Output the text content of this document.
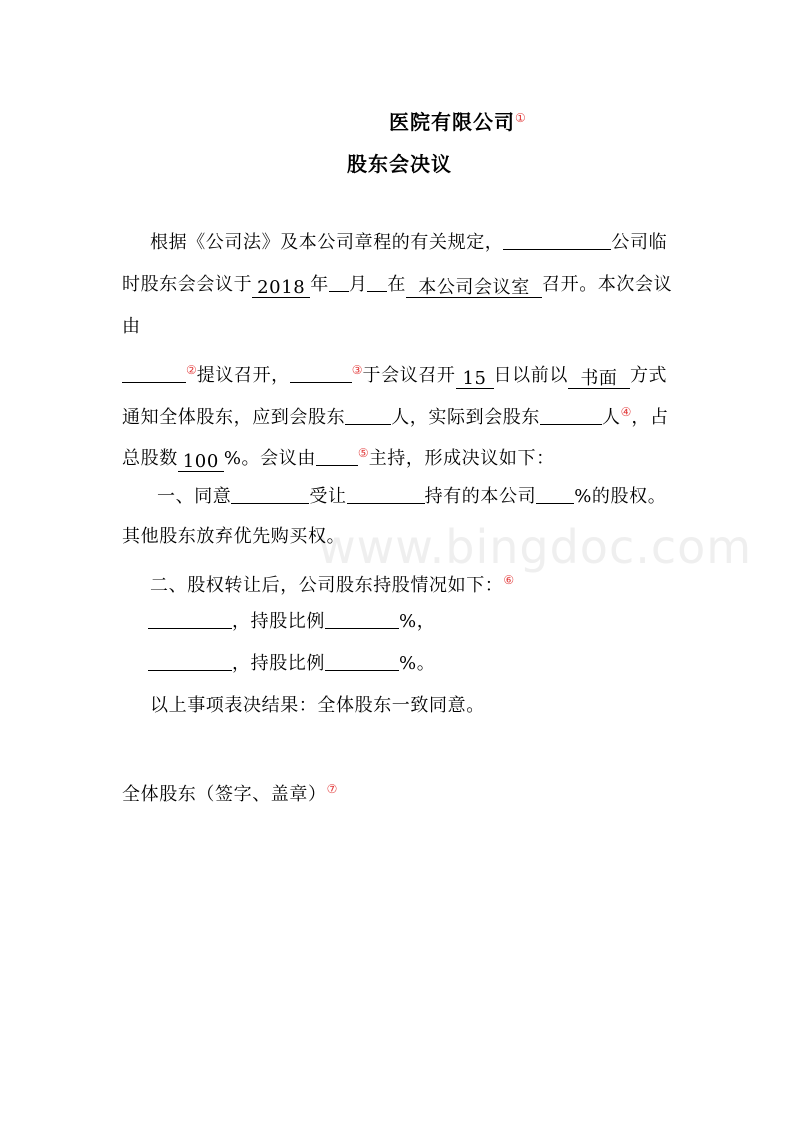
www.bingdoc.com
医院有限公司①
股东会决议
根据《公司法》及本公司章程的有关规定，	公司临
时股东会会议于 2018 年 月 在 本公司会议室 召开。本次会议
由
②提议召开，	③于会议召开 15 日以前以 书面 方式
通知全体股东，应到会股东	人，实际到会股东	人④，占
总股数 100 %。会议由	⑤主持，形成决议如下：
一、同意	受让	持有的本公司 %的股权。
其他股东放弃优先购买权。
二、股权转让后，公司股东持股情况如下：⑥
，持股比例	%，
，持股比例	%。
以上事项表决结果：全体股东一致同意。
全体股东（签字、盖章）⑦
